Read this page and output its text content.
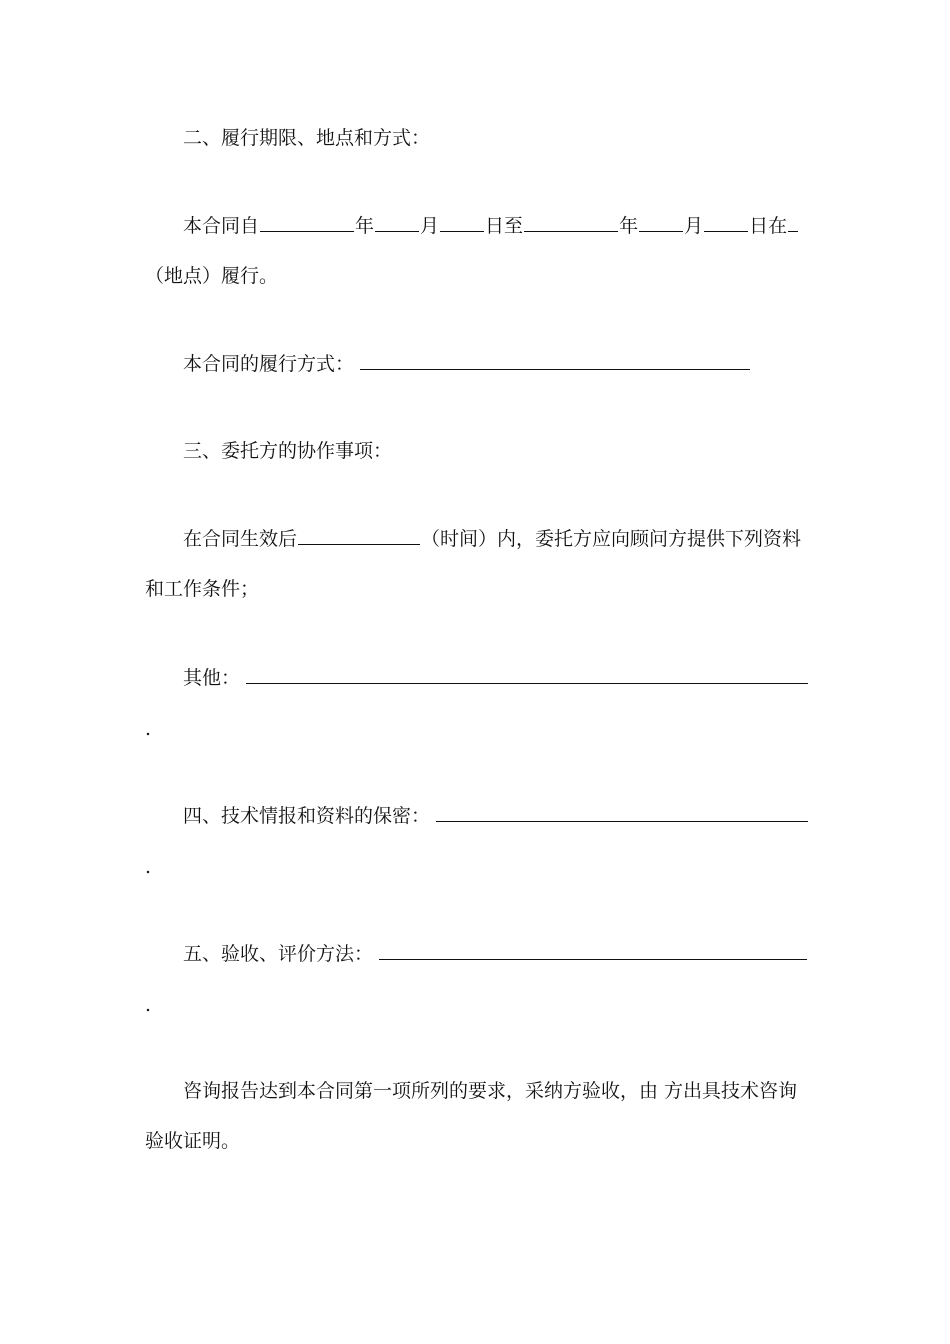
二、履行期限、地点和方式：
本合同自	年 月 日至	年 月 日在
（地点）履行。
本合同的履行方式：
三、委托方的协作事项：
在合同生效后	（时间）内，委托方应向顾问方提供下列资料
和工作条件；
其他：
.
四、技术情报和资料的保密：
.
五、验收、评价方法：
.
咨询报告达到本合同第一项所列的要求，采纳方验收，由 方出具技术咨询
验收证明。
